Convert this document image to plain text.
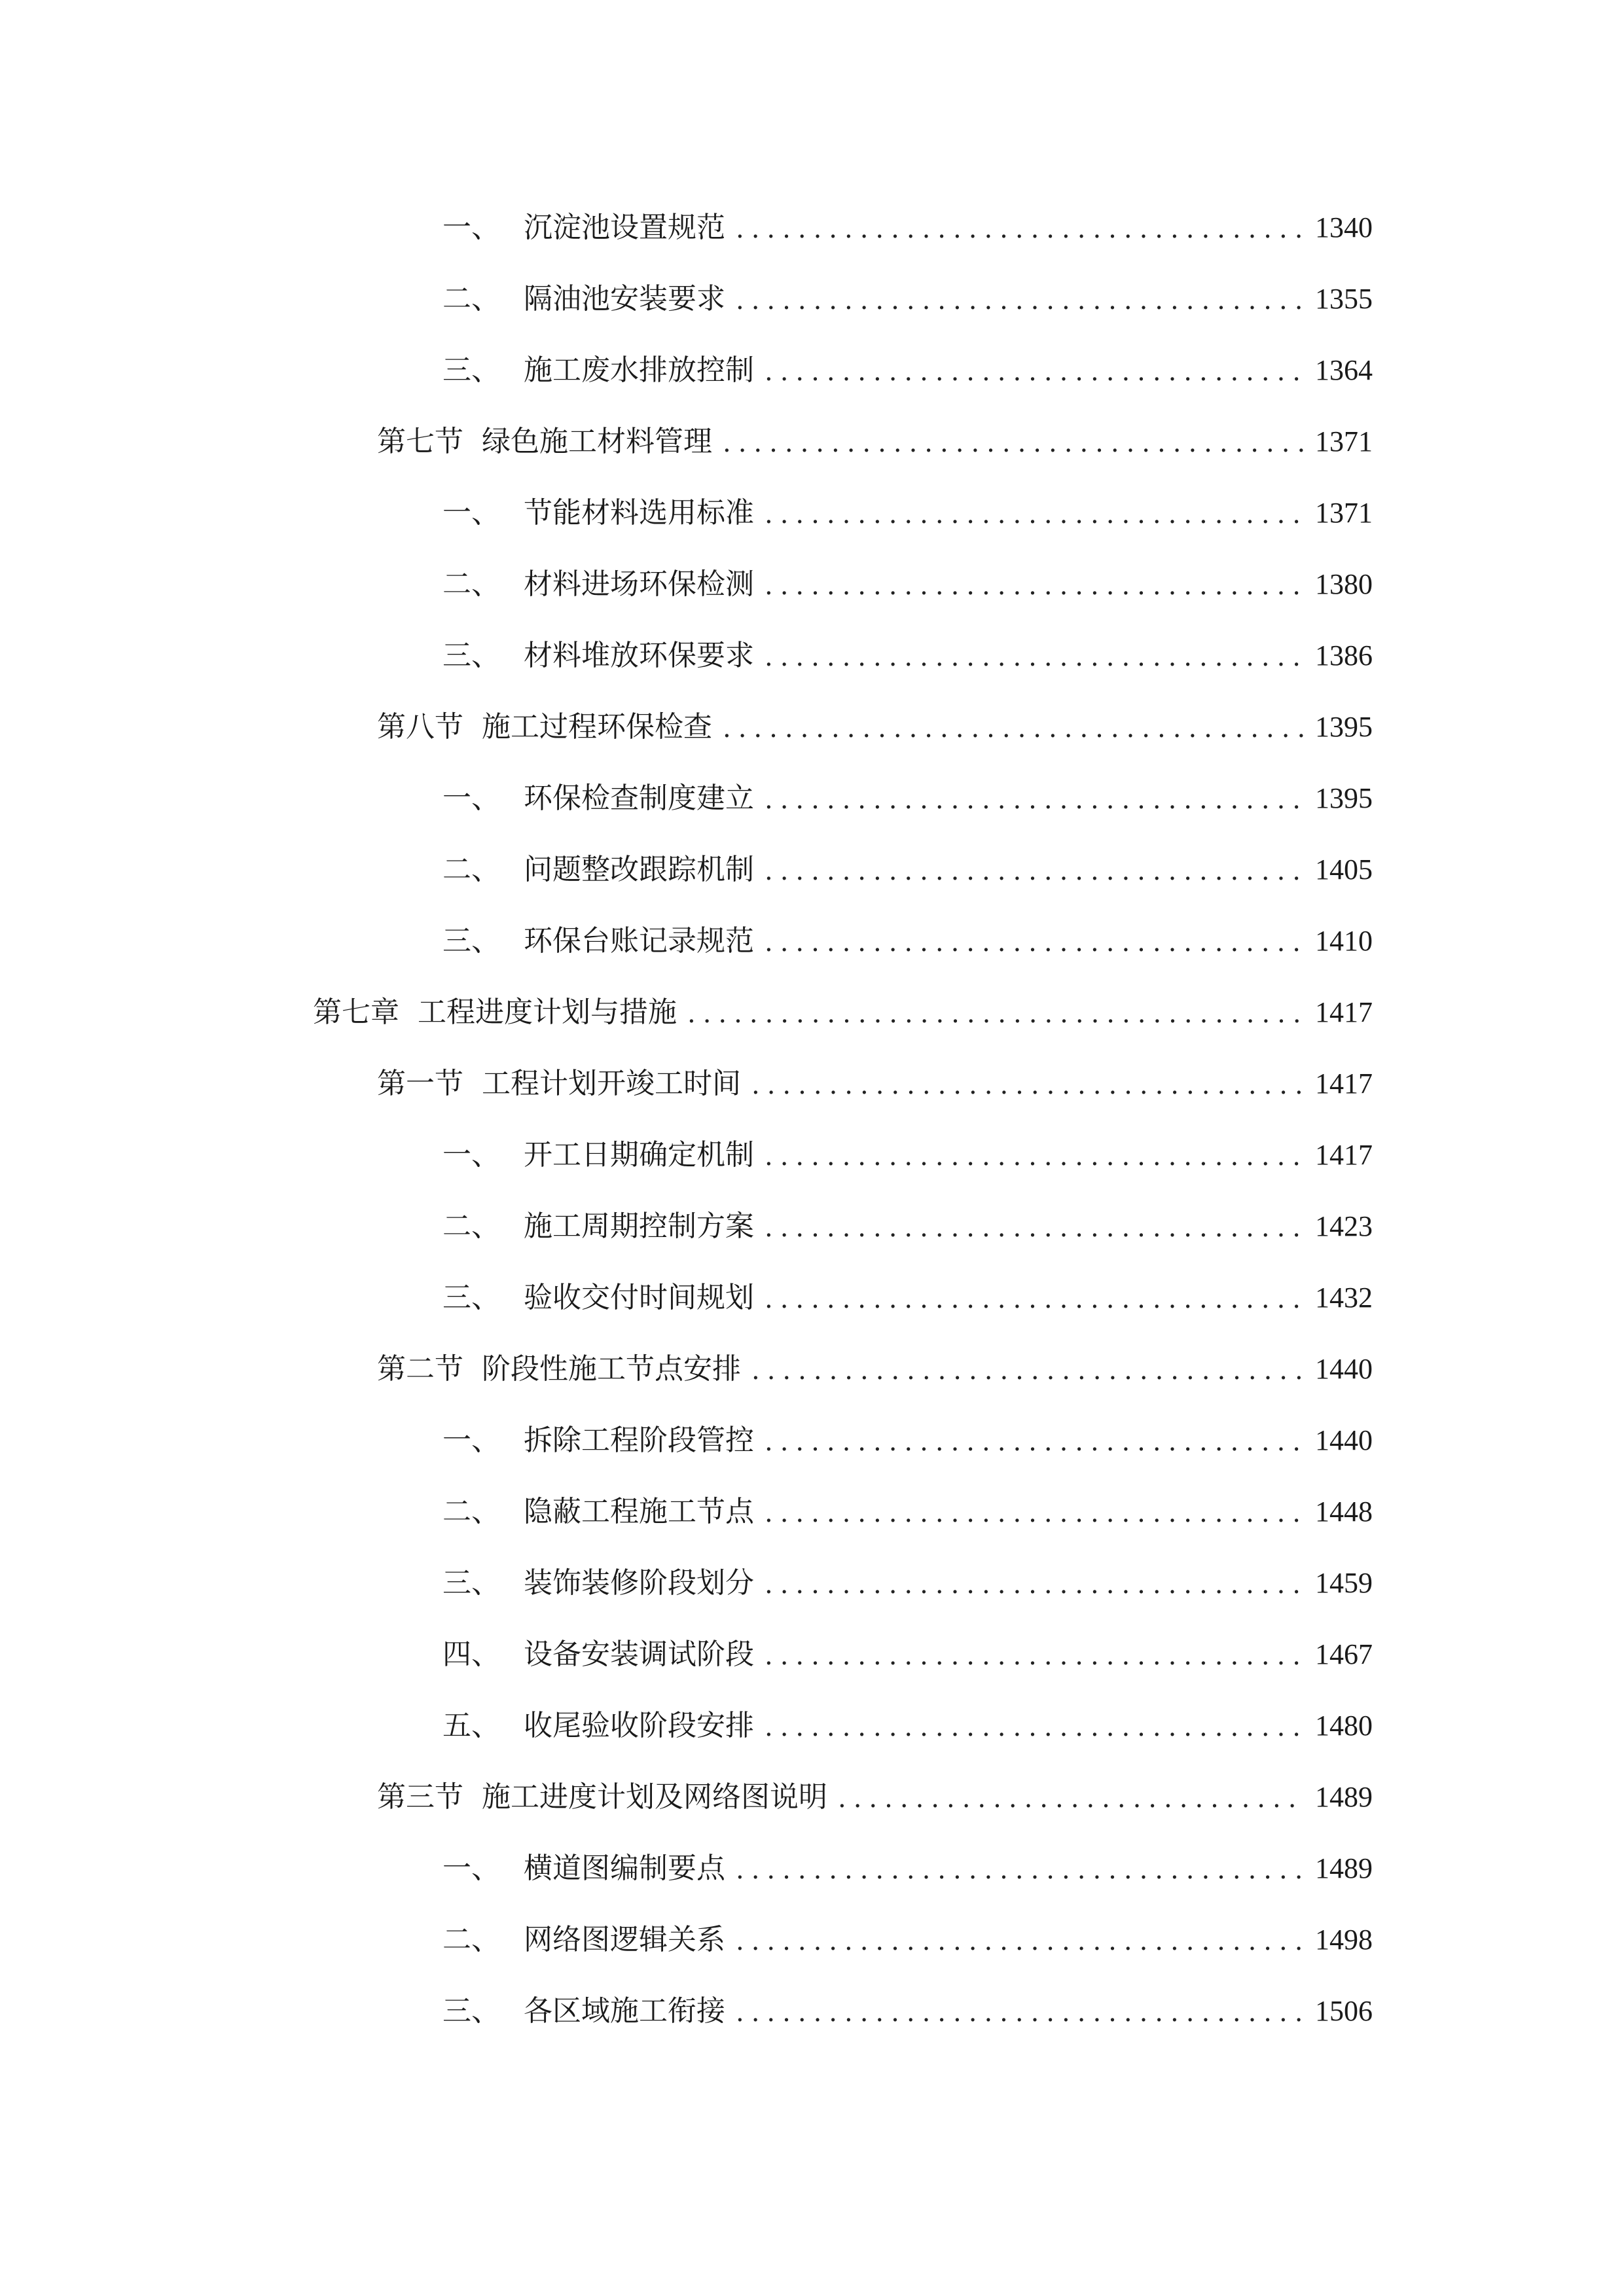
一、 沉淀池设置规范 .....	1340
二、 隔油池安装要求 .....	1355
三、 施工废水排放控制 .....	1364
第七节 绿色施工材料管理 .....	1371
一、 节能材料选用标准 .....	1371
二、 材料进场环保检测 .....	1380
三、 材料堆放环保要求 .....	1386
第八节 施工过程环保检查 .....	1395
一、 环保检查制度建立 .....	1395
二、 问题整改跟踪机制 .....	1405
三、 环保台账记录规范 .....	1410
第七章 工程进度计划与措施 .....	1417
第一节 工程计划开竣工时间 .....	1417
一、 开工日期确定机制 .....	1417
二、 施工周期控制方案 .....	1423
三、 验收交付时间规划 .....	1432
第二节 阶段性施工节点安排 .....	1440
一、 拆除工程阶段管控 .....	1440
二、 隐蔽工程施工节点 .....	1448
三、 装饰装修阶段划分 .....	1459
四、 设备安装调试阶段 .....	1467
五、 收尾验收阶段安排 .....	1480
第三节 施工进度计划及网络图说明 .....	1489
一、 横道图编制要点 .....	1489
二、 网络图逻辑关系 .....	1498
三、 各区域施工衔接 .....	1506
